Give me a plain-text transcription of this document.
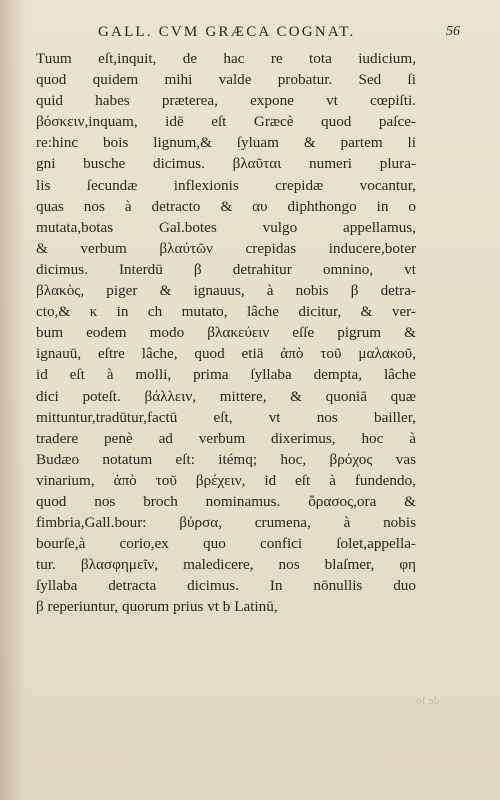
GALL. CVM GRÆCA COGNAT.	56
Tuum eſt,inquit, de hac re tota iudicium,
quod quidem mihi valde probatur. Sed ſi
quid habes præterea, expone vt cœpiſti.
βόσκειν,inquam, idē eſt Græcè quod paſce-
re:hinc bois lignum,& ſyluam & partem li
gni busche dicimus. βλαῦται numeri plura-
lis ſecundæ inflexionis crepidæ vocantur,
quas nos à detracto & αυ diphthongo in o
mutata,botas Gal.botes vulgo appellamus,
& verbum βλαύτῶν crepidas inducere,boter
dicimus. Interdū β detrahitur omnino, vt
βλακὸς, piger & ignauus, à nobis β detra-
cto,& κ in ch mutato, lâche dicitur, & ver-
bum eodem modo βλακεύειν eſſe pigrum &
ignauū, eſtre lâche, quod etiā ἀπὸ τοῦ μαλακοῦ,
id eſt à molli, prima ſyllaba dempta, lâche
dici poteſt. βάλλειν, mittere, & quoniā quæ
mittuntur,tradūtur,factū eſt, vt nos bailler,
tradere penè ad verbum dixerimus, hoc à
Budæo notatum eſt: itémq; hoc, βρόχος vas
vinarium, ἀπὸ τοῦ βρέχειν, id eſt à fundendo,
quod nos broch nominamus. ὄρασος,ora &
fimbria,Gall.bour: βύρσα, crumena, à nobis
bourſe,à corio,ex quo confici ſolet,appella-
tur. βλασφημεῖν, maledicere, nos blaſmer, φη
ſyllaba detracta dicimus. In nōnullis duo
β reperiuntur, quorum prius vt b Latinū,
de io
